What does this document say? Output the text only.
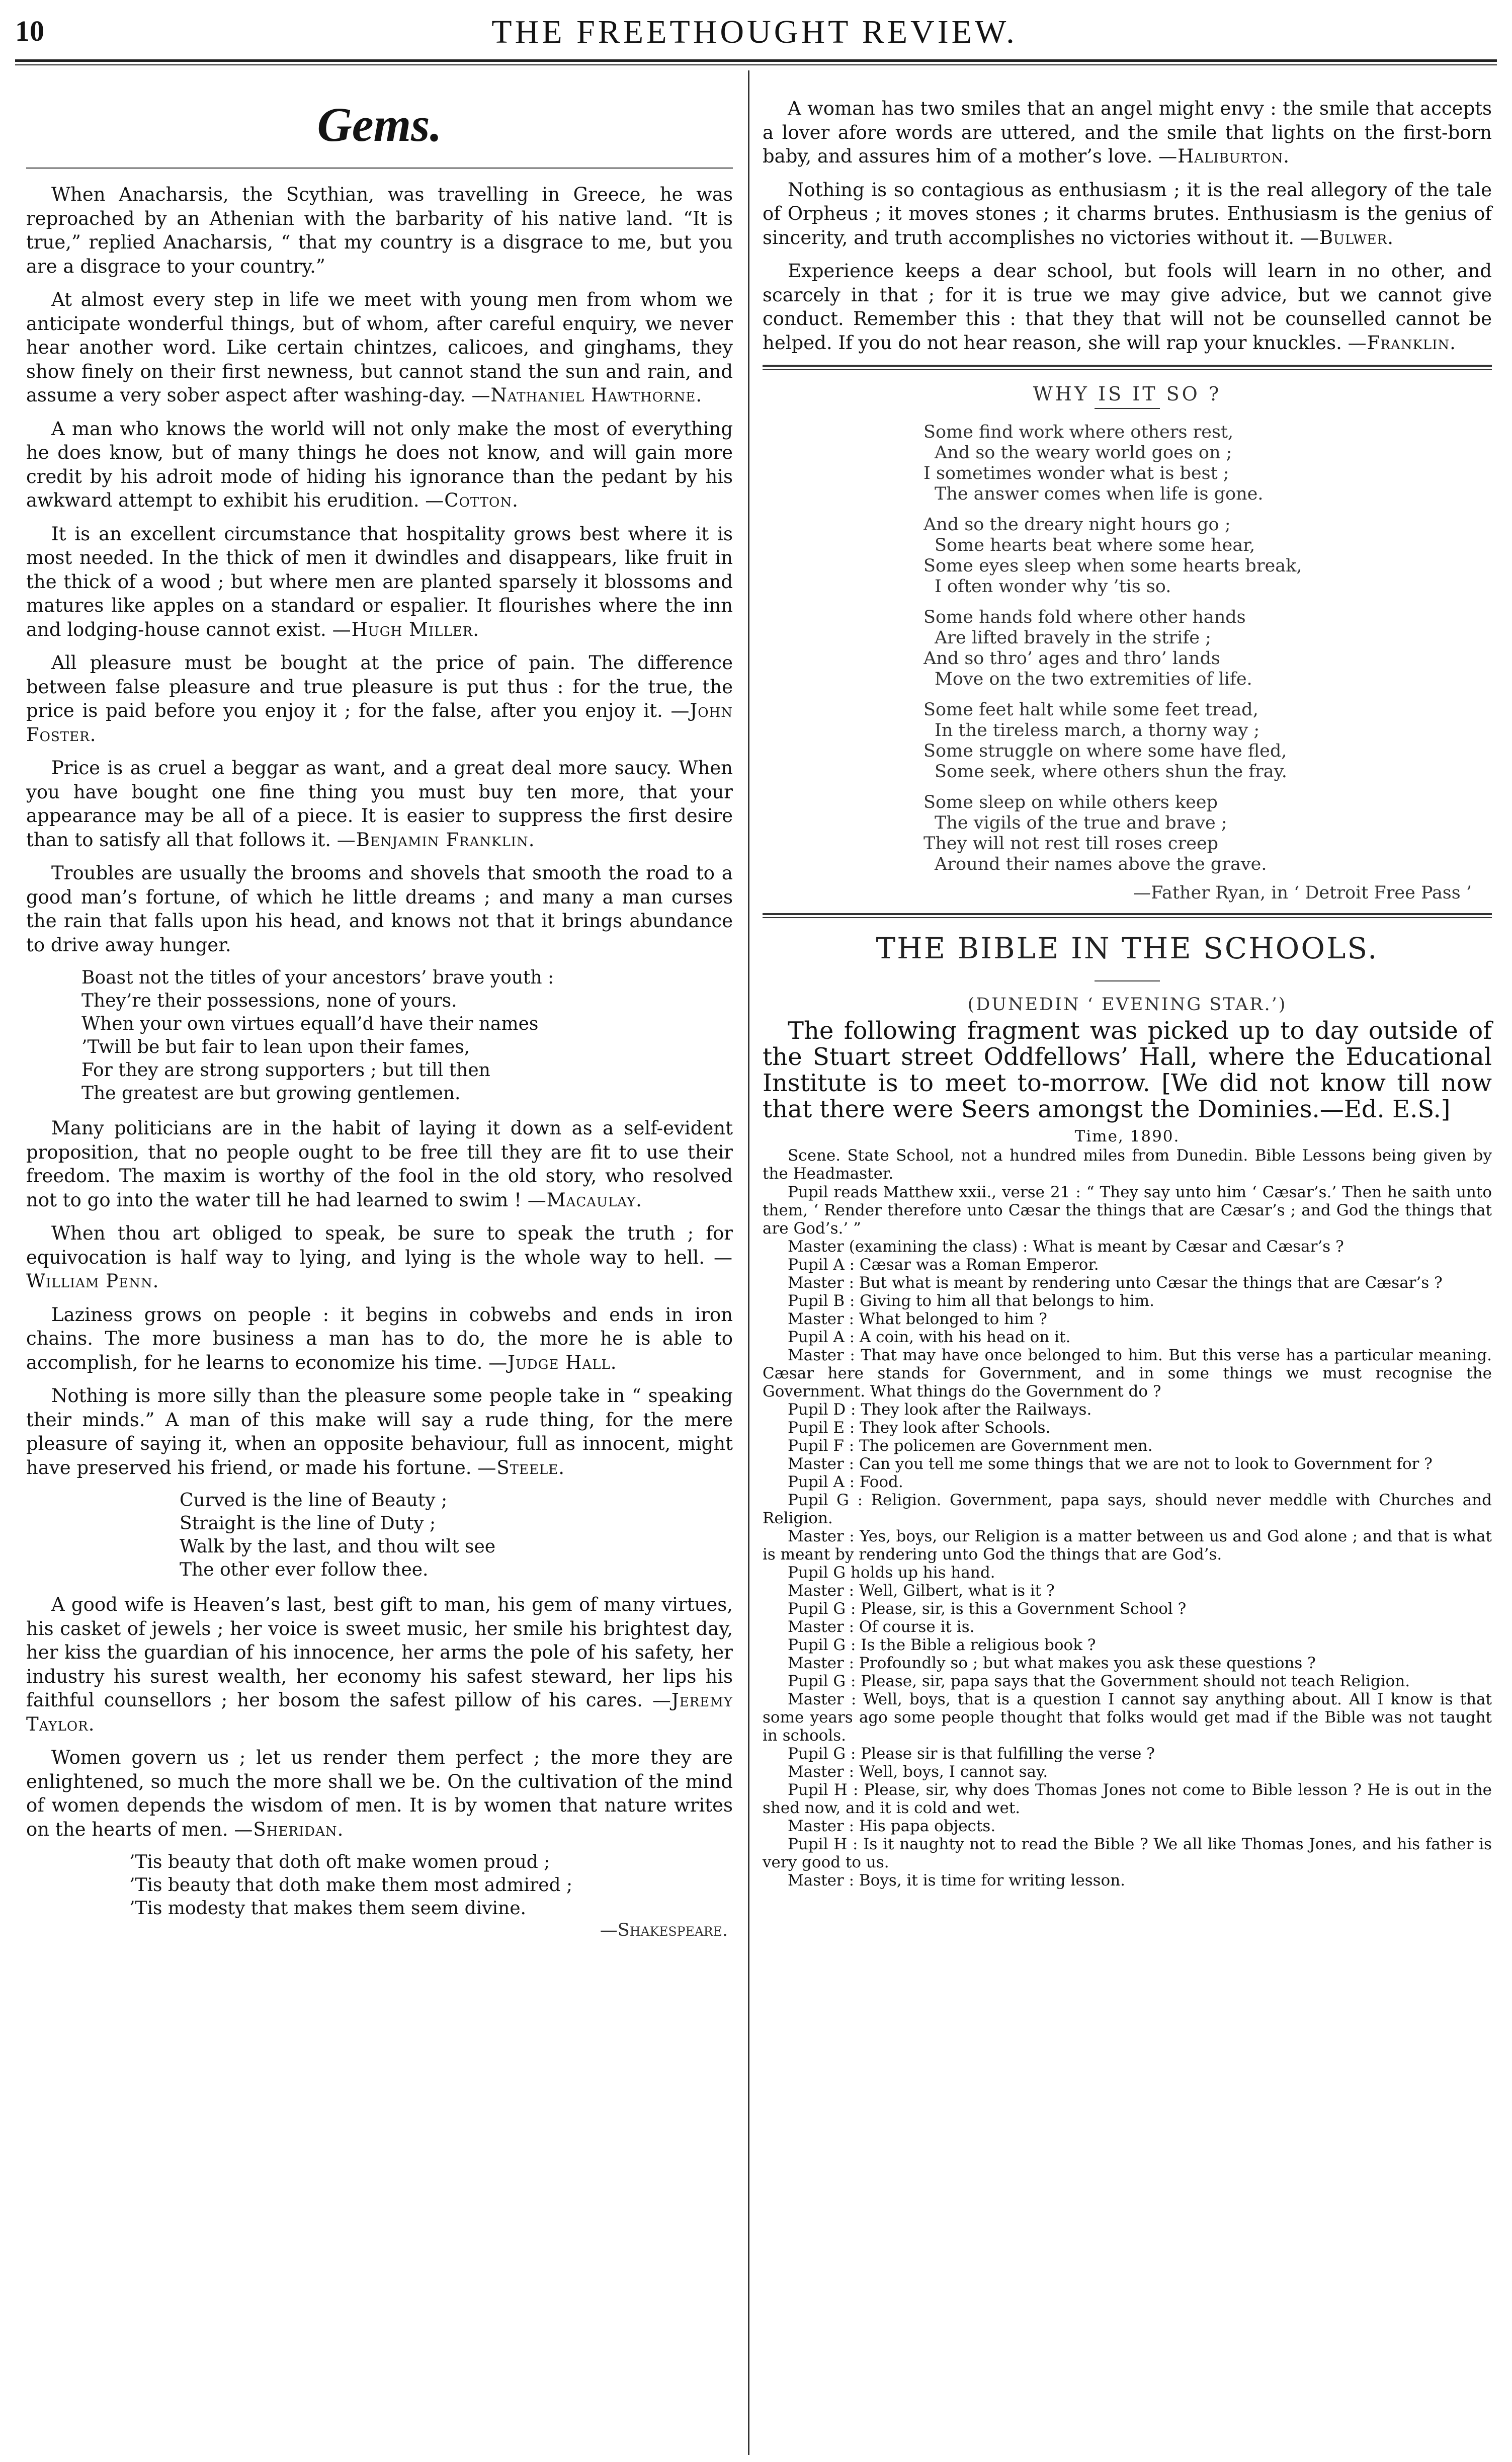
10	THE FREETHOUGHT REVIEW.
Gems.

When Anacharsis, the Scythian, was travelling in Greece, he was reproached by an Athenian with the barbarity of his native land. “It is true,” replied Anacharsis, “ that my country is a disgrace to me, but you are a disgrace to your country.”

At almost every step in life we meet with young men from whom we anticipate wonderful things, but of whom, after careful enquiry, we never hear another word. Like certain chintzes, calicoes, and ginghams, they show finely on their first newness, but cannot stand the sun and rain, and assume a very sober aspect after washing-day. —Nathaniel Hawthorne.

A man who knows the world will not only make the most of everything he does know, but of many things he does not know, and will gain more credit by his adroit mode of hiding his ignorance than the pedant by his awkward attempt to exhibit his erudition. —Cotton.

It is an excellent circumstance that hospitality grows best where it is most needed. In the thick of men it dwindles and disappears, like fruit in the thick of a wood ; but where men are planted sparsely it blossoms and matures like apples on a standard or espalier. It flourishes where the inn and lodging-house cannot exist. —Hugh Miller.

All pleasure must be bought at the price of pain. The difference between false pleasure and true pleasure is put thus : for the true, the price is paid before you enjoy it ; for the false, after you enjoy it. —John Foster.

Price is as cruel a beggar as want, and a great deal more saucy. When you have bought one fine thing you must buy ten more, that your appearance may be all of a piece. It is easier to suppress the first desire than to satisfy all that follows it. —Benjamin Franklin.

Troubles are usually the brooms and shovels that smooth the road to a good man’s fortune, of which he little dreams ; and many a man curses the rain that falls upon his head, and knows not that it brings abundance to drive away hunger.

Boast not the titles of your ancestors’ brave youth :
They’re their possessions, none of yours.
When your own virtues equall’d have their names
’Twill be but fair to lean upon their fames,
For they are strong supporters ; but till then
The greatest are but growing gentlemen.

Many politicians are in the habit of laying it down as a self-evident proposition, that no people ought to be free till they are fit to use their freedom. The maxim is worthy of the fool in the old story, who resolved not to go into the water till he had learned to swim ! —Macaulay.

When thou art obliged to speak, be sure to speak the truth ; for equivocation is half way to lying, and lying is the whole way to hell. —William Penn.

Laziness grows on people : it begins in cobwebs and ends in iron chains. The more business a man has to do, the more he is able to accomplish, for he learns to economize his time. —Judge Hall.

Nothing is more silly than the pleasure some people take in “ speaking their minds.” A man of this make will say a rude thing, for the mere pleasure of saying it, when an opposite behaviour, full as innocent, might have preserved his friend, or made his fortune. —Steele.

Curved is the line of Beauty ;
Straight is the line of Duty ;
Walk by the last, and thou wilt see
The other ever follow thee.

A good wife is Heaven’s last, best gift to man, his gem of many virtues, his casket of jewels ; her voice is sweet music, her smile his brightest day, her kiss the guardian of his innocence, her arms the pole of his safety, her industry his surest wealth, her economy his safest steward, her lips his faithful counsellors ; her bosom the safest pillow of his cares. —Jeremy Taylor.

Women govern us ; let us render them perfect ; the more they are enlightened, so much the more shall we be. On the cultivation of the mind of women depends the wisdom of men. It is by women that nature writes on the hearts of men. —Sheridan.

’Tis beauty that doth oft make women proud ;
’Tis beauty that doth make them most admired ;
’Tis modesty that makes them seem divine.
—Shakespeare.

A woman has two smiles that an angel might envy : the smile that accepts a lover afore words are uttered, and the smile that lights on the first-born baby, and assures him of a mother’s love. —Haliburton.

Nothing is so contagious as enthusiasm ; it is the real allegory of the tale of Orpheus ; it moves stones ; it charms brutes. Enthusiasm is the genius of sincerity, and truth accomplishes no victories without it. —Bulwer.

Experience keeps a dear school, but fools will learn in no other, and scarcely in that ; for it is true we may give advice, but we cannot give conduct. Remember this : that they that will not be counselled cannot be helped. If you do not hear reason, she will rap your knuckles. —Franklin.

WHY IS IT SO ?
Some find work where others rest,
And so the weary world goes on ;
I sometimes wonder what is best ;
The answer comes when life is gone.
And so the dreary night hours go ;
Some hearts beat where some hear,
Some eyes sleep when some hearts break,
I often wonder why ’tis so.
Some hands fold where other hands
Are lifted bravely in the strife ;
And so thro’ ages and thro’ lands
Move on the two extremities of life.
Some feet halt while some feet tread,
In the tireless march, a thorny way ;
Some struggle on where some have fled,
Some seek, where others shun the fray.
Some sleep on while others keep
The vigils of the true and brave ;
They will not rest till roses creep
Around their names above the grave.
—Father Ryan, in ‘ Detroit Free Pass ’
THE BIBLE IN THE SCHOOLS.
(DUNEDIN ‘ EVENING STAR.’)
The following fragment was picked up to day outside of the Stuart street Oddfellows’ Hall, where the Educational Institute is to meet to-morrow. [We did not know till now that there were Seers amongst the Dominies.—Ed. E.S.]
Time, 1890.
Scene. State School, not a hundred miles from Dunedin. Bible Lessons being given by the Headmaster.
Pupil reads Matthew xxii., verse 21 : “ They say unto him ‘ Cæsar’s.’ Then he saith unto them, ‘ Render therefore unto Cæsar the things that are Cæsar’s ; and God the things that are God’s.’ ”
Master (examining the class) : What is meant by Cæsar and Cæsar’s ?
Pupil A : Cæsar was a Roman Emperor.
Master : But what is meant by rendering unto Cæsar the things that are Cæsar’s ?
Pupil B : Giving to him all that belongs to him.
Master : What belonged to him ?
Pupil A : A coin, with his head on it.
Master : That may have once belonged to him. But this verse has a particular meaning. Cæsar here stands for Government, and in some things we must recognise the Government. What things do the Government do ?
Pupil D : They look after the Railways.
Pupil E : They look after Schools.
Pupil F : The policemen are Government men.
Master : Can you tell me some things that we are not to look to Government for ?
Pupil A : Food.
Pupil G : Religion. Government, papa says, should never meddle with Churches and Religion.
Master : Yes, boys, our Religion is a matter between us and God alone ; and that is what is meant by rendering unto God the things that are God’s.
Pupil G holds up his hand.
Master : Well, Gilbert, what is it ?
Pupil G : Please, sir, is this a Government School ?
Master : Of course it is.
Pupil G : Is the Bible a religious book ?
Master : Profoundly so ; but what makes you ask these questions ?
Pupil G : Please, sir, papa says that the Government should not teach Religion.
Master : Well, boys, that is a question I cannot say anything about. All I know is that some years ago some people thought that folks would get mad if the Bible was not taught in schools.
Pupil G : Please sir is that fulfilling the verse ?
Master : Well, boys, I cannot say.
Pupil H : Please, sir, why does Thomas Jones not come to Bible lesson ? He is out in the shed now, and it is cold and wet.
Master : His papa objects.
Pupil H : Is it naughty not to read the Bible ? We all like Thomas Jones, and his father is very good to us.
Master : Boys, it is time for writing lesson.
